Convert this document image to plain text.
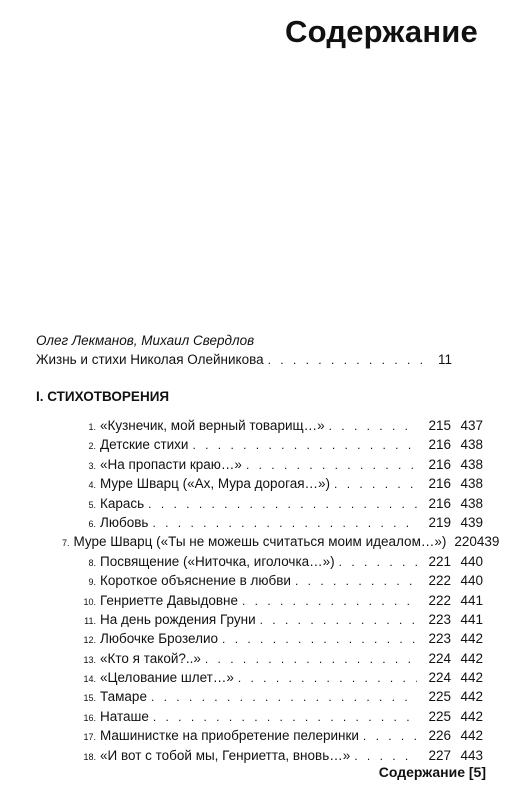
Содержание
Олег Лекманов, Михаил Свердлов
Жизнь и стихи Николая Олейникова . . .	11
I. СТИХОТВОРЕНИЯ
1. «Кузнечик, мой верный товарищ…» . . .	215 437
2. Детские стихи . . .	216 438
3. «На пропасти краю…» . . .	216 438
4. Муре Шварц («Ах, Мура дорогая…») . . .	216 438
5. Карась . . .	216 438
6. Любовь . . .	219 439
7. Муре Шварц («Ты не можешь считаться моим идеалом…») 220 439
8. Посвящение («Ниточка, иголочка…») . . .	221 440
9. Короткое объяснение в любви . . .	222 440
10. Генриетте Давыдовне . . .	222 441
11. На день рождения Груни . . .	223 441
12. Любочке Брозелио . . .	223 442
13. «Кто я такой?..» . . .	224 442
14. «Целование шлет…» . . .	224 442
15. Тамаре . . .	225 442
16. Наташе . . .	225 442
17. Машинистке на приобретение пелеринки . . .	226 442
18. «И вот с тобой мы, Генриетта, вновь…» . . .	227 443
Содержание [5]
